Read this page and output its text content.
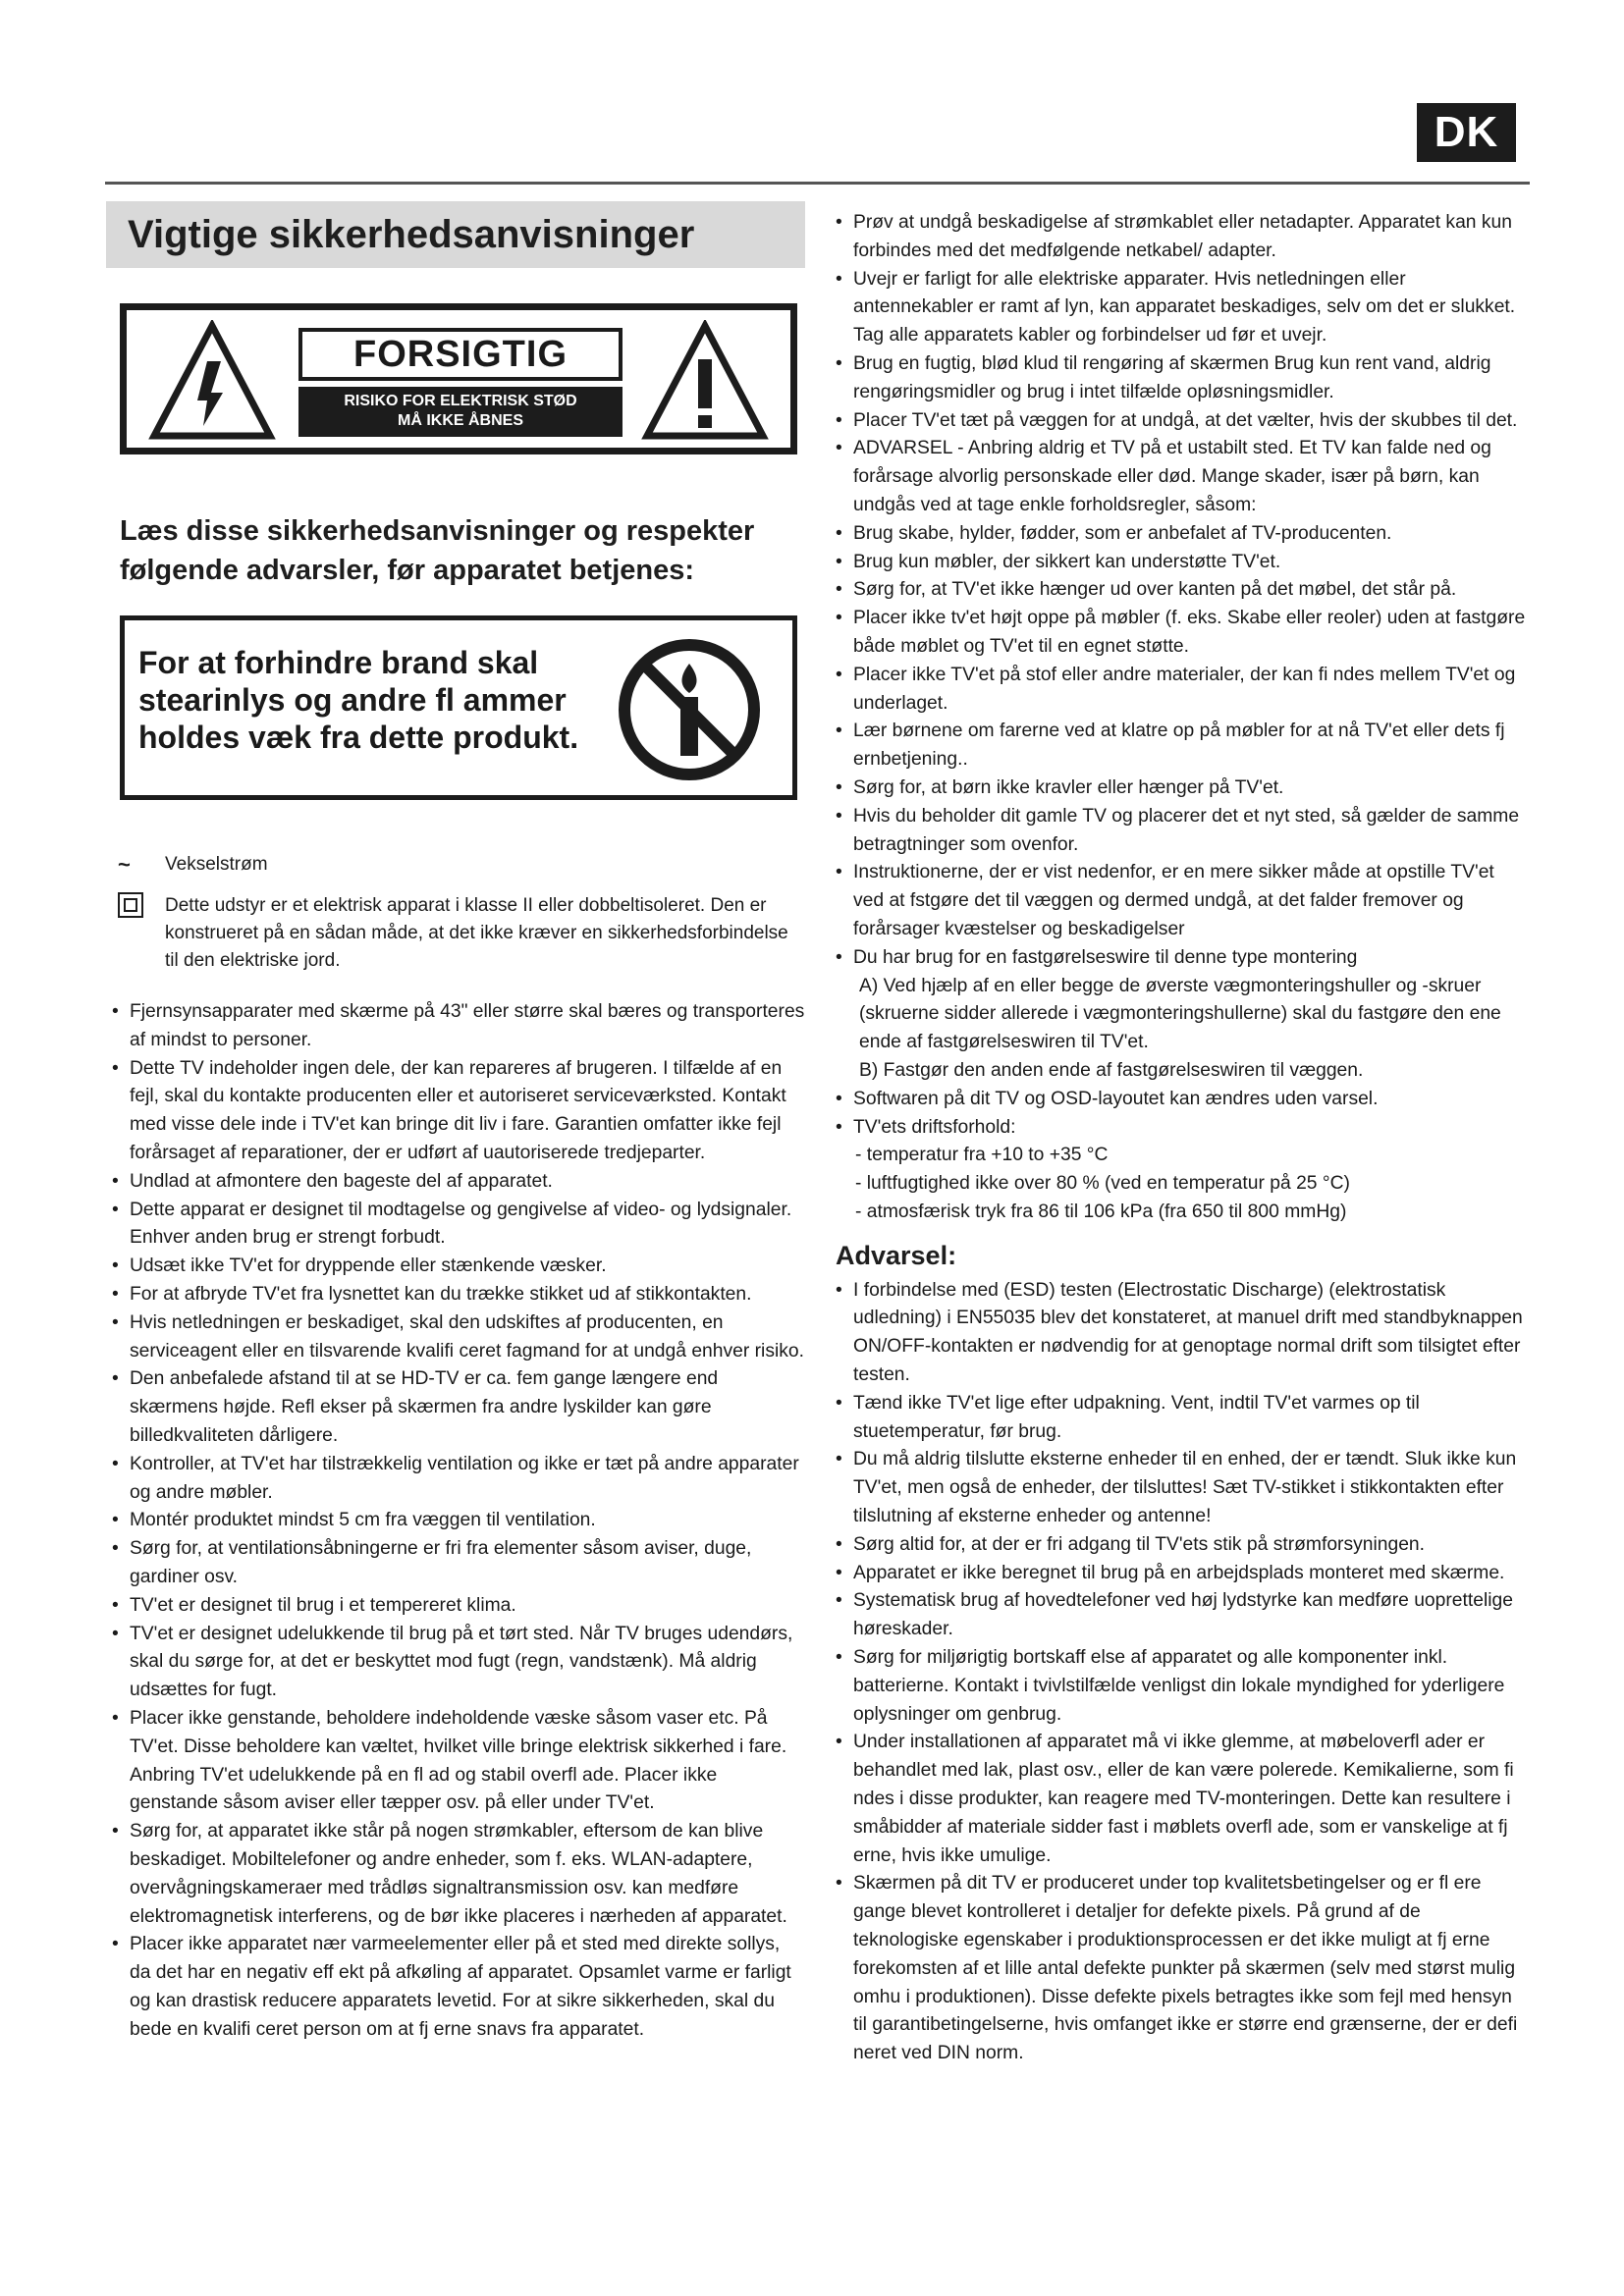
DK
Vigtige sikkerhedsanvisninger
FORSIGTIG
RISIKO FOR ELEKTRISK STØD
MÅ IKKE ÅBNES
Læs disse sikkerhedsanvisninger og respekter
følgende advarsler, før apparatet betjenes:
For at forhindre brand skal
stearinlys og andre fl ammer
holdes væk fra dette produkt.
~	Vekselstrøm
Dette udstyr er et elektrisk apparat i klasse II eller dobbeltisoleret. Den er konstrueret på en sådan måde, at det ikke kræver en sikkerhedsforbindelse til den elektriske jord.
• Fjernsynsapparater med skærme på 43" eller større skal bæres og transporteres af mindst to personer.
• Dette TV indeholder ingen dele, der kan repareres af brugeren. I tilfælde af en fejl, skal du kontakte producenten eller et autoriseret serviceværksted. Kontakt med visse dele inde i TV'et kan bringe dit liv i fare. Garantien omfatter ikke fejl forårsaget af reparationer, der er udført af uautoriserede tredjeparter.
• Undlad at afmontere den bageste del af apparatet.
• Dette apparat er designet til modtagelse og gengivelse af video- og lydsignaler. Enhver anden brug er strengt forbudt.
• Udsæt ikke TV'et for dryppende eller stænkende væsker.
• For at afbryde TV'et fra lysnettet kan du trække stikket ud af stikkontakten.
• Hvis netledningen er beskadiget, skal den udskiftes af producenten, en serviceagent eller en tilsvarende kvalifi ceret fagmand for at undgå enhver risiko.
• Den anbefalede afstand til at se HD-TV er ca. fem gange længere end skærmens højde. Refl ekser på skærmen fra andre lyskilder kan gøre billedkvaliteten dårligere.
• Kontroller, at TV'et har tilstrækkelig ventilation og ikke er tæt på andre apparater og andre møbler.
• Montér produktet mindst 5 cm fra væggen til ventilation.
• Sørg for, at ventilationsåbningerne er fri fra elementer såsom aviser, duge, gardiner osv.
• TV'et er designet til brug i et tempereret klima.
• TV'et er designet udelukkende til brug på et tørt sted. Når TV bruges udendørs, skal du sørge for, at det er beskyttet mod fugt (regn, vandstænk). Må aldrig udsættes for fugt.
• Placer ikke genstande, beholdere indeholdende væske såsom vaser etc. På TV'et. Disse beholdere kan væltet, hvilket ville bringe elektrisk sikkerhed i fare. Anbring TV'et udelukkende på en fl ad og stabil overfl ade. Placer ikke genstande såsom aviser eller tæpper osv. på eller under TV'et.
• Sørg for, at apparatet ikke står på nogen strømkabler, eftersom de kan blive beskadiget. Mobiltelefoner og andre enheder, som f. eks. WLAN-adaptere, overvågningskameraer med trådløs signaltransmission osv. kan medføre elektromagnetisk interferens, og de bør ikke placeres i nærheden af apparatet.
• Placer ikke apparatet nær varmeelementer eller på et sted med direkte sollys, da det har en negativ eff ekt på afkøling af apparatet. Opsamlet varme er farligt og kan drastisk reducere apparatets levetid. For at sikre sikkerheden, skal du bede en kvalifi ceret person om at fj erne snavs fra apparatet.
• Prøv at undgå beskadigelse af strømkablet eller netadapter. Apparatet kan kun forbindes med det medfølgende netkabel/ adapter.
• Uvejr er farligt for alle elektriske apparater. Hvis netledningen eller antennekabler er ramt af lyn, kan apparatet beskadiges, selv om det er slukket. Tag alle apparatets kabler og forbindelser ud før et uvejr.
• Brug en fugtig, blød klud til rengøring af skærmen Brug kun rent vand, aldrig rengøringsmidler og brug i intet tilfælde opløsningsmidler.
• Placer TV'et tæt på væggen for at undgå, at det vælter, hvis der skubbes til det.
• ADVARSEL - Anbring aldrig et TV på et ustabilt sted. Et TV kan falde ned og forårsage alvorlig personskade eller død. Mange skader, især på børn, kan undgås ved at tage enkle forholdsregler, såsom:
• Brug skabe, hylder, fødder, som er anbefalet af TV-producenten.
• Brug kun møbler, der sikkert kan understøtte TV'et.
• Sørg for, at TV'et ikke hænger ud over kanten på det møbel, det står på.
• Placer ikke tv'et højt oppe på møbler (f. eks. Skabe eller reoler) uden at fastgøre både møblet og TV'et til en egnet støtte.
• Placer ikke TV'et på stof eller andre materialer, der kan fi ndes mellem TV'et og underlaget.
• Lær børnene om farerne ved at klatre op på møbler for at nå TV'et eller dets fj ernbetjening..
• Sørg for, at børn ikke kravler eller hænger på TV'et.
• Hvis du beholder dit gamle TV og placerer det et nyt sted, så gælder de samme betragtninger som ovenfor.
• Instruktionerne, der er vist nedenfor, er en mere sikker måde at opstille TV'et ved at fstgøre det til væggen og dermed undgå, at det falder fremover og forårsager kvæstelser og beskadigelser
• Du har brug for en fastgørelseswire til denne type montering
A) Ved hjælp af en eller begge de øverste vægmonteringshuller og -skruer (skruerne sidder allerede i vægmonteringshullerne) skal du fastgøre den ene ende af fastgørelseswiren til TV'et.
B) Fastgør den anden ende af fastgørelseswiren til væggen.
• Softwaren på dit TV og OSD-layoutet kan ændres uden varsel.
• TV'ets driftsforhold:
- temperatur fra +10 to +35 °C
- luftfugtighed ikke over 80 % (ved en temperatur på 25 °C)
- atmosfærisk tryk fra 86 til 106 kPa (fra 650 til 800 mmHg)
Advarsel:
• I forbindelse med (ESD) testen (Electrostatic Discharge) (elektrostatisk udledning) i EN55035 blev det konstateret, at manuel drift med standbyknappen ON/OFF-kontakten er nødvendig for at genoptage normal drift som tilsigtet efter testen.
• Tænd ikke TV'et lige efter udpakning. Vent, indtil TV'et varmes op til stuetemperatur, før brug.
• Du må aldrig tilslutte eksterne enheder til en enhed, der er tændt. Sluk ikke kun TV'et, men også de enheder, der tilsluttes! Sæt TV-stikket i stikkontakten efter tilslutning af eksterne enheder og antenne!
• Sørg altid for, at der er fri adgang til TV'ets stik på strømforsyningen.
• Apparatet er ikke beregnet til brug på en arbejdsplads monteret med skærme.
• Systematisk brug af hovedtelefoner ved høj lydstyrke kan medføre uoprettelige høreskader.
• Sørg for miljørigtig bortskaff else af apparatet og alle komponenter inkl. batterierne. Kontakt i tvivlstilfælde venligst din lokale myndighed for yderligere oplysninger om genbrug.
• Under installationen af apparatet må vi ikke glemme, at møbeloverfl ader er behandlet med lak, plast osv., eller de kan være polerede. Kemikalierne, som fi ndes i disse produkter, kan reagere med TV-monteringen. Dette kan resultere i småbidder af materiale sidder fast i møblets overfl ade, som er vanskelige at fj erne, hvis ikke umulige.
• Skærmen på dit TV er produceret under top kvalitetsbetingelser og er fl ere gange blevet kontrolleret i detaljer for defekte pixels. På grund af de teknologiske egenskaber i produktionsprocessen er det ikke muligt at fj erne forekomsten af et lille antal defekte punkter på skærmen (selv med størst mulig omhu i produktionen). Disse defekte pixels betragtes ikke som fejl med hensyn til garantibetingelserne, hvis omfanget ikke er større end grænserne, der er defi neret ved DIN norm.
